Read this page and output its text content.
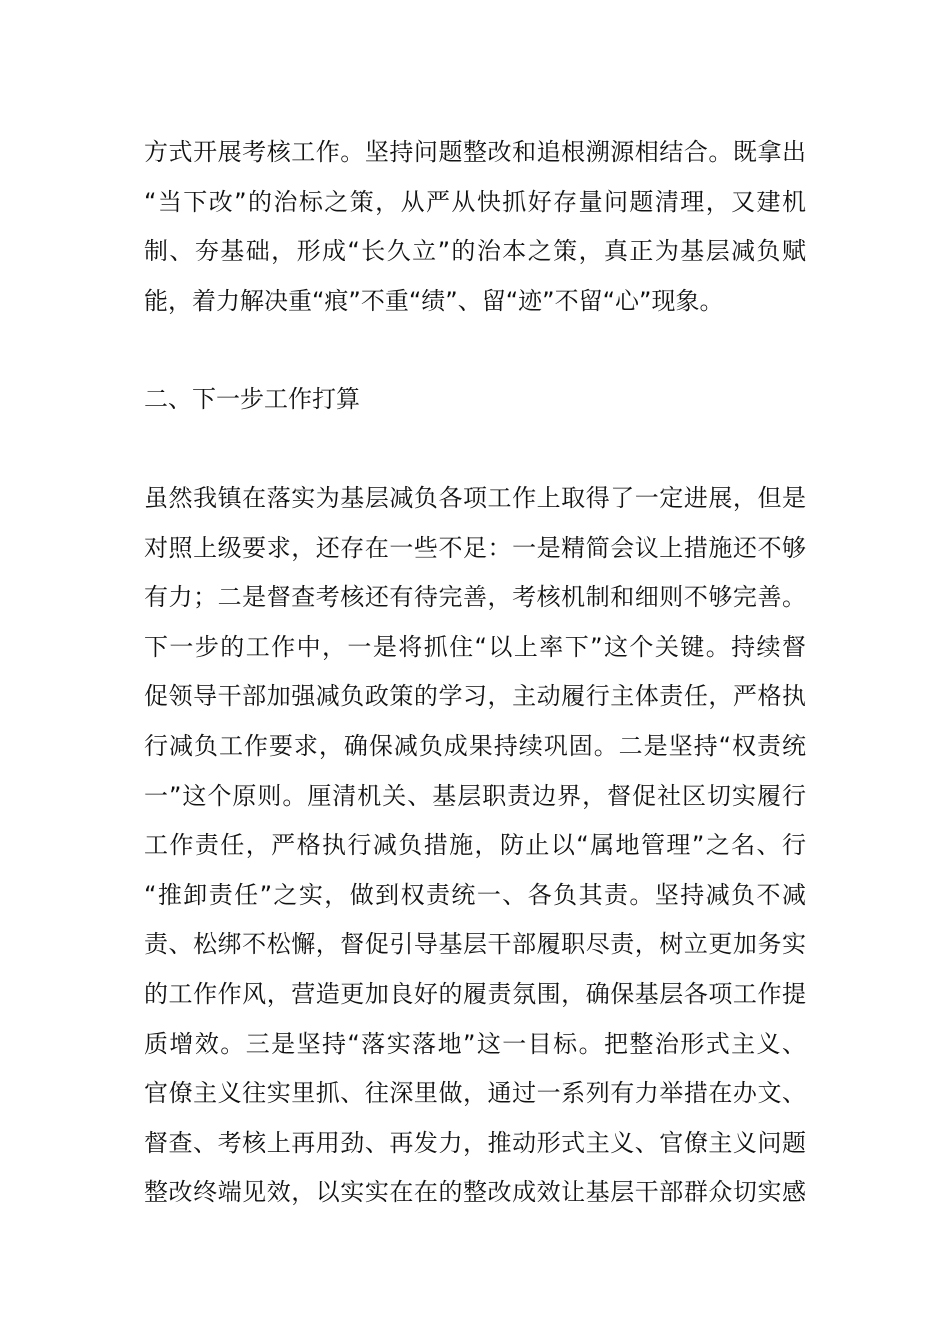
方式开展考核工作。坚持问题整改和追根溯源相结合。既拿出
“当下改”的治标之策，从严从快抓好存量问题清理，又建机
制、夯基础，形成“长久立”的治本之策，真正为基层减负赋
能，着力解决重“痕”不重“绩”、留“迹”不留“心”现象。
二、下一步工作打算
虽然我镇在落实为基层减负各项工作上取得了一定进展，但是
对照上级要求，还存在一些不足：一是精简会议上措施还不够
有力；二是督查考核还有待完善，考核机制和细则不够完善。
下一步的工作中，一是将抓住“以上率下”这个关键。持续督
促领导干部加强减负政策的学习，主动履行主体责任，严格执
行减负工作要求，确保减负成果持续巩固。二是坚持“权责统
一”这个原则。厘清机关、基层职责边界，督促社区切实履行
工作责任，严格执行减负措施，防止以“属地管理”之名、行
“推卸责任”之实，做到权责统一、各负其责。坚持减负不减
责、松绑不松懈，督促引导基层干部履职尽责，树立更加务实
的工作作风，营造更加良好的履责氛围，确保基层各项工作提
质增效。三是坚持“落实落地”这一目标。把整治形式主义、
官僚主义往实里抓、往深里做，通过一系列有力举措在办文、
督查、考核上再用劲、再发力，推动形式主义、官僚主义问题
整改终端见效，以实实在在的整改成效让基层干部群众切实感
